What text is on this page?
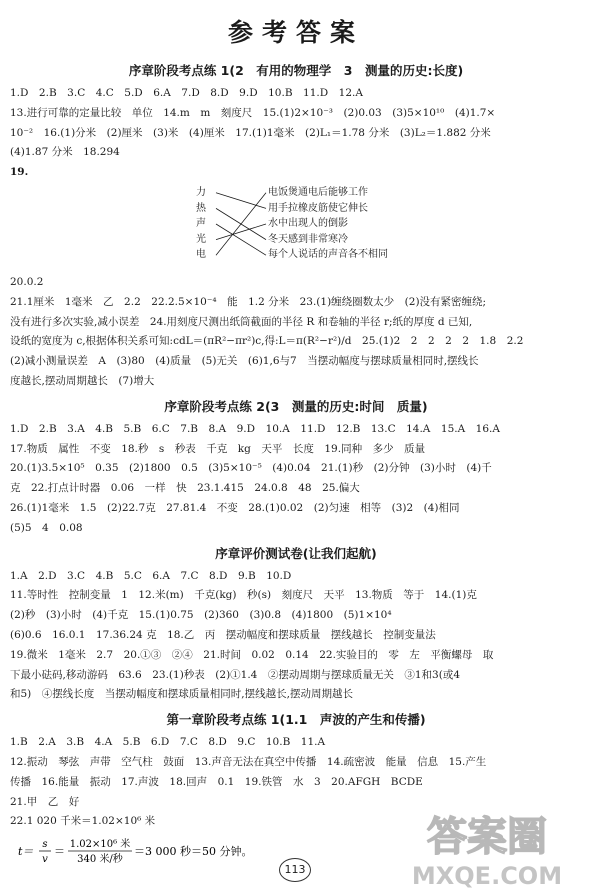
参考答案
序章阶段考点练 1(2　有用的物理学　3　测量的历史:长度)
1.D　2.B　3.C　4.C　5.D　6.A　7.D　8.D　9.D　10.B　11.D　12.A
13.进行可靠的定量比较　单位　14.m　m　刻度尺　15.(1)2×10⁻³　(2)0.03　(3)5×10¹⁰　(4)1.7×
10⁻²　16.(1)分米　(2)厘米　(3)米　(4)厘米　17.(1)1毫米　(2)L₁＝1.78 分米　(3)L₂＝1.882 分米
(4)1.87 分米　18.294
19.
力
热
声
光
电
电饭煲通电后能够工作
用手拉橡皮筋使它伸长
水中出现人的倒影
冬天感到非常寒冷
每个人说话的声音各不相同
20.0.2
21.1厘米　1毫米　乙　2.2　22.2.5×10⁻⁴　能　1.2 分米　23.(1)缠绕圈数太少　(2)没有紧密缠绕;
没有进行多次实验,减小误差　24.用刻度尺测出纸筒截面的半径 R 和卷轴的半径 r;纸的厚度 d 已知,
设纸的宽度为 c,根据体积关系可知:cdL＝(πR²−πr²)c,得:L＝π(R²−r²)/d　25.(1)2　2　2　2　2　1.8　2.2
(2)减小测量误差　A　(3)80　(4)质量　(5)无关　(6)1,6与7　当摆动幅度与摆球质量相同时,摆线长
度越长,摆动周期越长　(7)增大
序章阶段考点练 2(3　测量的历史:时间　质量)
1.D　2.B　3.A　4.B　5.B　6.C　7.B　8.A　9.D　10.A　11.D　12.B　13.C　14.A　15.A　16.A
17.物质　属性　不变　18.秒　s　秒表　千克　kg　天平　长度　19.同种　多少　质量
20.(1)3.5×10⁵　0.35　(2)1800　0.5　(3)5×10⁻⁵　(4)0.04　21.(1)秒　(2)分钟　(3)小时　(4)千
克　22.打点计时器　0.06　一样　快　23.1.415　24.0.8　48　25.偏大
26.(1)1毫米　1.5　(2)22.7克　27.81.4　不变　28.(1)0.02　(2)匀速　相等　(3)2　(4)相同
(5)5　4　0.08
序章评价测试卷(让我们起航)
1.A　2.D　3.C　4.B　5.C　6.A　7.C　8.D　9.B　10.D
11.等时性　控制变量　1　12.米(m)　千克(kg)　秒(s)　刻度尺　天平　13.物质　等于　14.(1)克
(2)秒　(3)小时　(4)千克　15.(1)0.75　(2)360　(3)0.8　(4)1800　(5)1×10⁴
(6)0.6　16.0.1　17.36.24 克　18.乙　丙　摆动幅度和摆球质量　摆线越长　控制变量法
19.微米　1毫米　2.7　20.①③　②④　21.时间　0.02　0.14　22.实验目的　零　左　平衡螺母　取
下最小砝码,移动游码　63.6　23.(1)秒表　(2)①1.4　②摆动周期与摆球质量无关　③1和3(或4
和5)　④摆线长度　当摆动幅度和摆球质量相同时,摆线越长,摆动周期越长
第一章阶段考点练 1(1.1　声波的产生和传播)
1.B　2.A　3.B　4.A　5.B　6.D　7.C　8.D　9.C　10.B　11.A
12.振动　琴弦　声带　空气柱　鼓面　13.声音无法在真空中传播　14.疏密波　能量　信息　15.产生
传播　16.能量　振动　17.声波　18.回声　0.1　19.铁管　水　3　20.AFGH　BCDE
21.甲　乙　好
22.1 020 千米＝1.02×10⁶ 米
t＝
s
v
＝
1.02×10⁶ 米
340 米/秒
＝3 000 秒＝50 分钟。
113
答案圈
MXQE.COM
